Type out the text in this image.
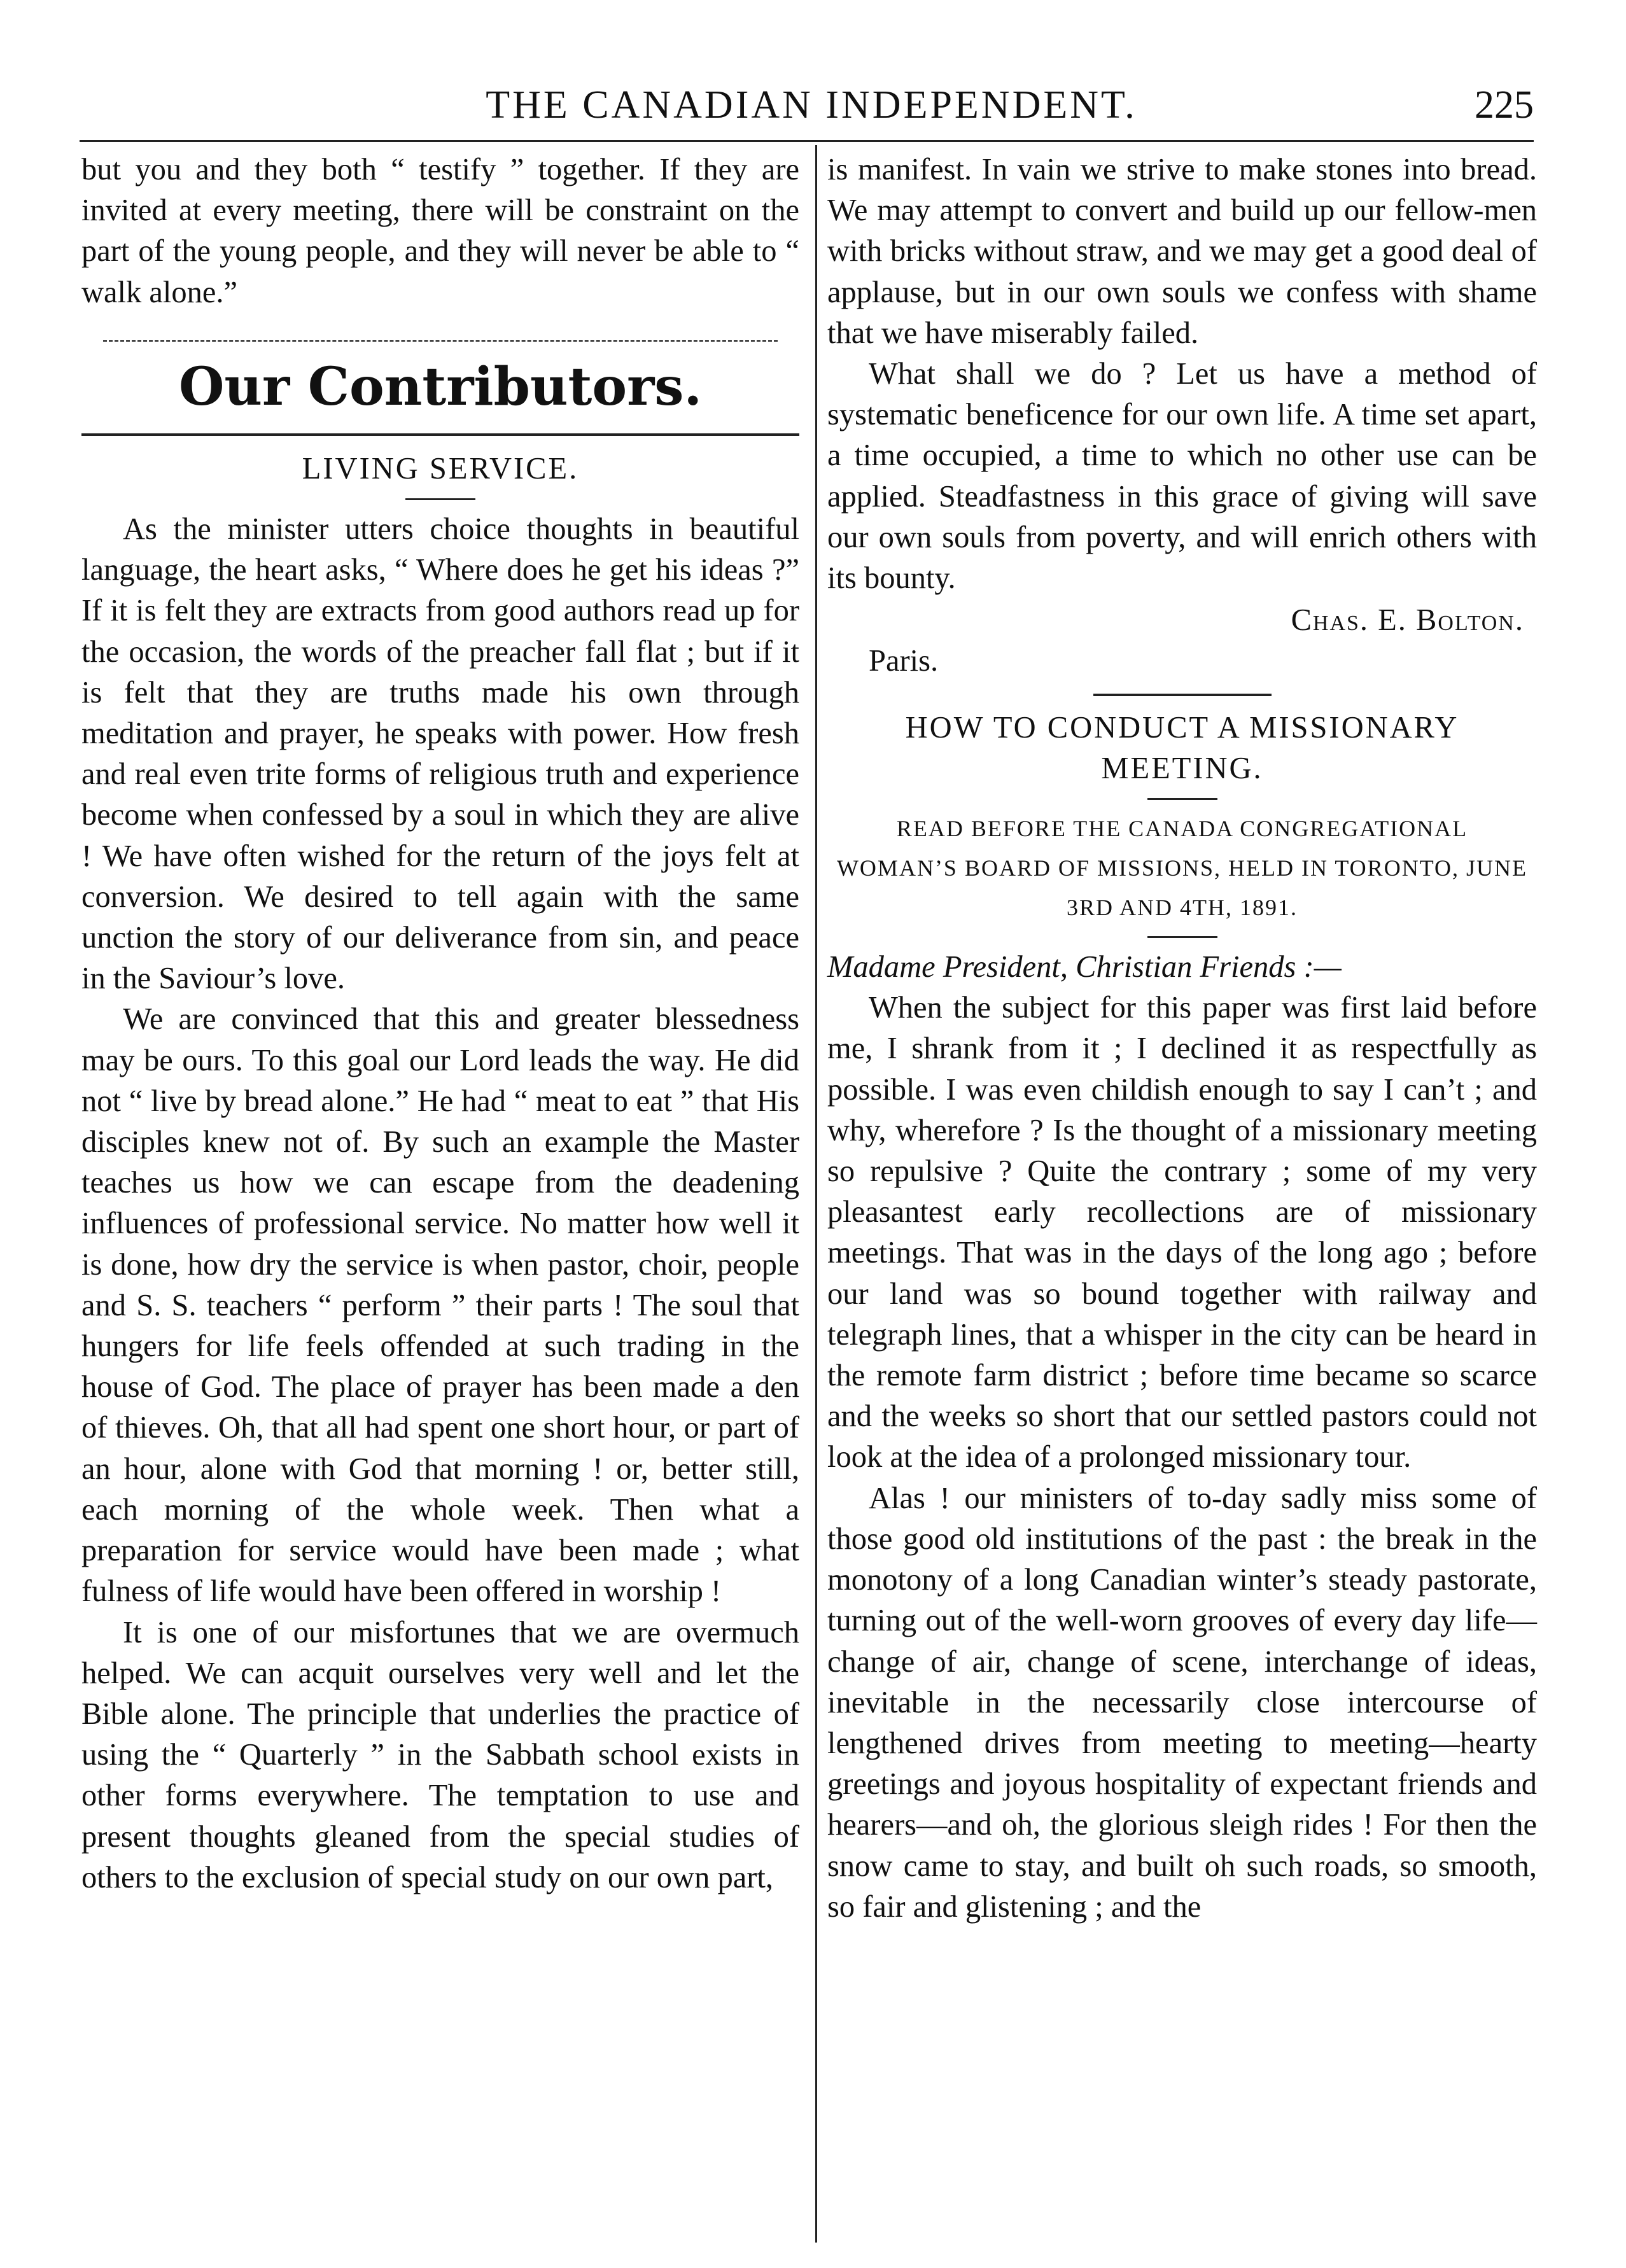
THE CANADIAN INDEPENDENT.	225

but you and they both “ testify ” together. If they are invited at every meeting, there will be constraint on the part of the young people, and they will never be able to “ walk alone.”

Our Contributors.
LIVING SERVICE.

As the minister utters choice thoughts in beautiful language, the heart asks, “ Where does he get his ideas ?” If it is felt they are extracts from good authors read up for the occasion, the words of the preacher fall flat ; but if it is felt that they are truths made his own through meditation and prayer, he speaks with power. How fresh and real even trite forms of religious truth and experience become when confessed by a soul in which they are alive ! We have often wished for the return of the joys felt at conversion. We desired to tell again with the same unction the story of our deliverance from sin, and peace in the Saviour’s love.

We are convinced that this and greater blessedness may be ours. To this goal our Lord leads the way. He did not “ live by bread alone.” He had “ meat to eat ” that His disciples knew not of. By such an example the Master teaches us how we can escape from the deadening influences of professional service. No matter how well it is done, how dry the service is when pastor, choir, people and S. S. teachers “ perform ” their parts ! The soul that hungers for life feels offended at such trading in the house of God. The place of prayer has been made a den of thieves. Oh, that all had spent one short hour, or part of an hour, alone with God that morning ! or, better still, each morning of the whole week. Then what a preparation for service would have been made ; what fulness of life would have been offered in worship !

It is one of our misfortunes that we are overmuch helped. We can acquit ourselves very well and let the Bible alone. The principle that underlies the practice of using the “ Quarterly ” in the Sabbath school exists in other forms everywhere. The temptation to use and present thoughts gleaned from the special studies of others to the exclusion of special study on our own part,

is manifest. In vain we strive to make stones into bread. We may attempt to convert and build up our fellow-men with bricks without straw, and we may get a good deal of applause, but in our own souls we confess with shame that we have miserably failed.

What shall we do ? Let us have a method of systematic beneficence for our own life. A time set apart, a time occupied, a time to which no other use can be applied. Steadfastness in this grace of giving will save our own souls from poverty, and will enrich others with its bounty.

Chas. E. Bolton.
Paris.
HOW TO CONDUCT A MISSIONARY
MEETING.
READ BEFORE THE CANADA CONGREGATIONAL WOMAN’S BOARD OF MISSIONS, HELD IN TORONTO, JUNE 3RD AND 4TH, 1891.

Madame President, Christian Friends :—

When the subject for this paper was first laid before me, I shrank from it ; I declined it as respectfully as possible. I was even childish enough to say I can’t ; and why, wherefore ? Is the thought of a missionary meeting so repulsive ? Quite the contrary ; some of my very pleasantest early recollections are of missionary meetings. That was in the days of the long ago ; before our land was so bound together with railway and telegraph lines, that a whisper in the city can be heard in the remote farm district ; before time became so scarce and the weeks so short that our settled pastors could not look at the idea of a prolonged missionary tour.

Alas ! our ministers of to-day sadly miss some of those good old institutions of the past : the break in the monotony of a long Canadian winter’s steady pastorate, turning out of the well-worn grooves of every day life—change of air, change of scene, interchange of ideas, inevitable in the necessarily close intercourse of lengthened drives from meeting to meeting—hearty greetings and joyous hospitality of expectant friends and hearers—and oh, the glorious sleigh rides ! For then the snow came to stay, and built oh such roads, so smooth, so fair and glistening ; and the
